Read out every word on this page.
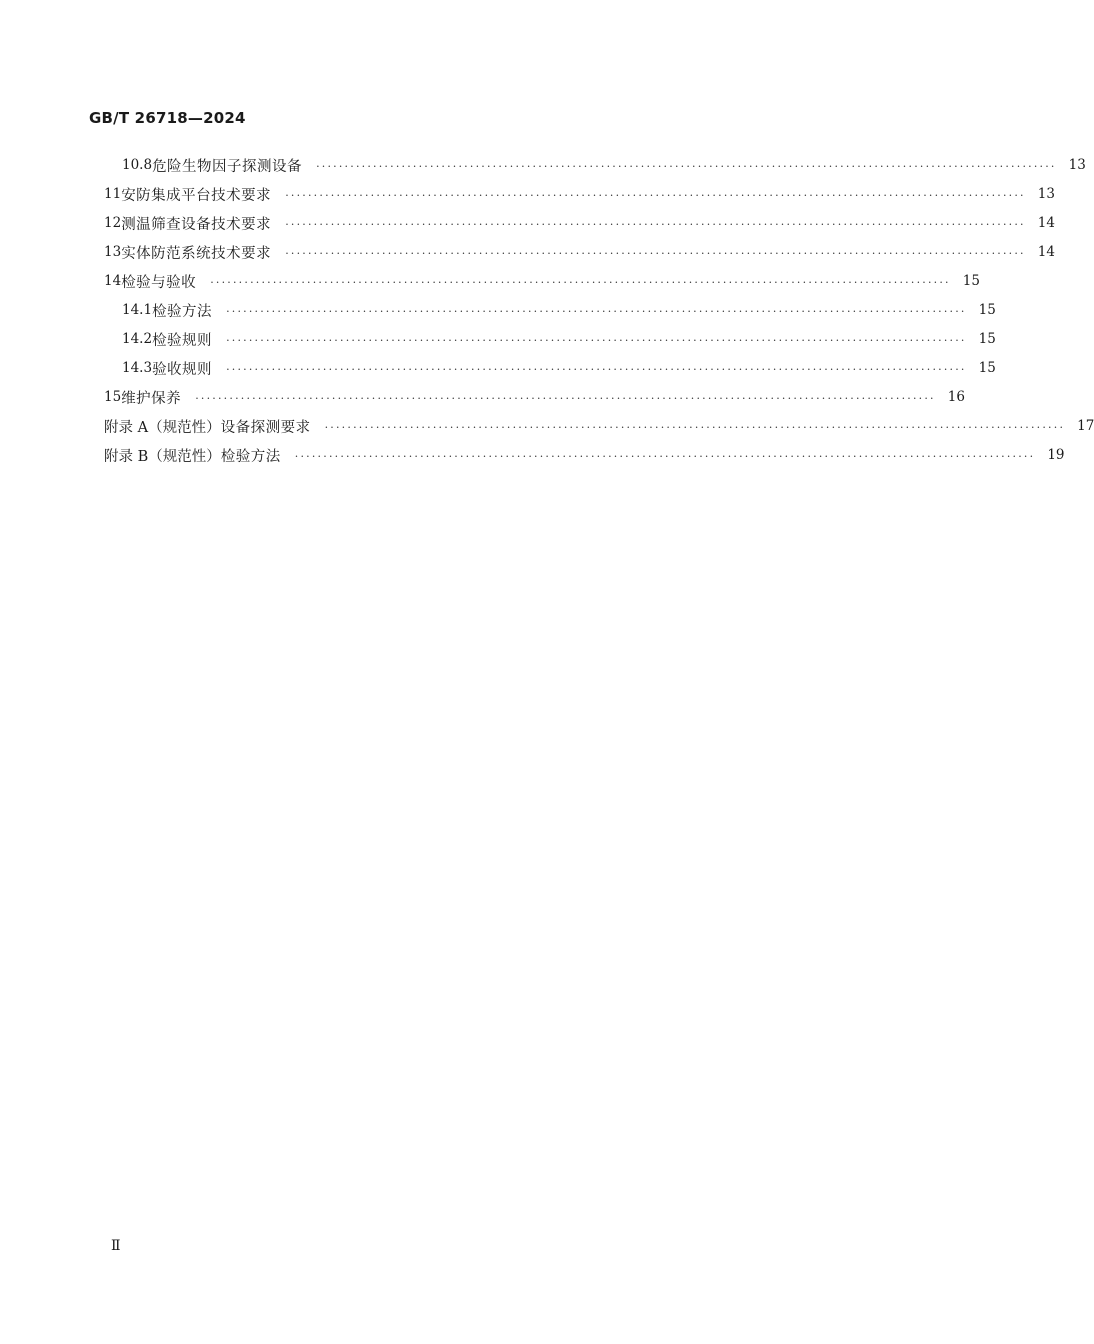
GB/T 26718—2024
10.8 危险生物因子探测设备 ·································································································································· 13
11 安防集成平台技术要求 ·································································································································· 13
12 测温筛查设备技术要求 ·································································································································· 14
13 实体防范系统技术要求 ·································································································································· 14
14 检验与验收 ·································································································································· 15
14.1 检验方法 ·································································································································· 15
14.2 检验规则 ·································································································································· 15
14.3 验收规则 ·································································································································· 15
15 维护保养 ·································································································································· 16
附录 A（规范性） 设备探测要求 ·································································································································· 17
附录 B（规范性） 检验方法 ·································································································································· 19
Ⅱ
